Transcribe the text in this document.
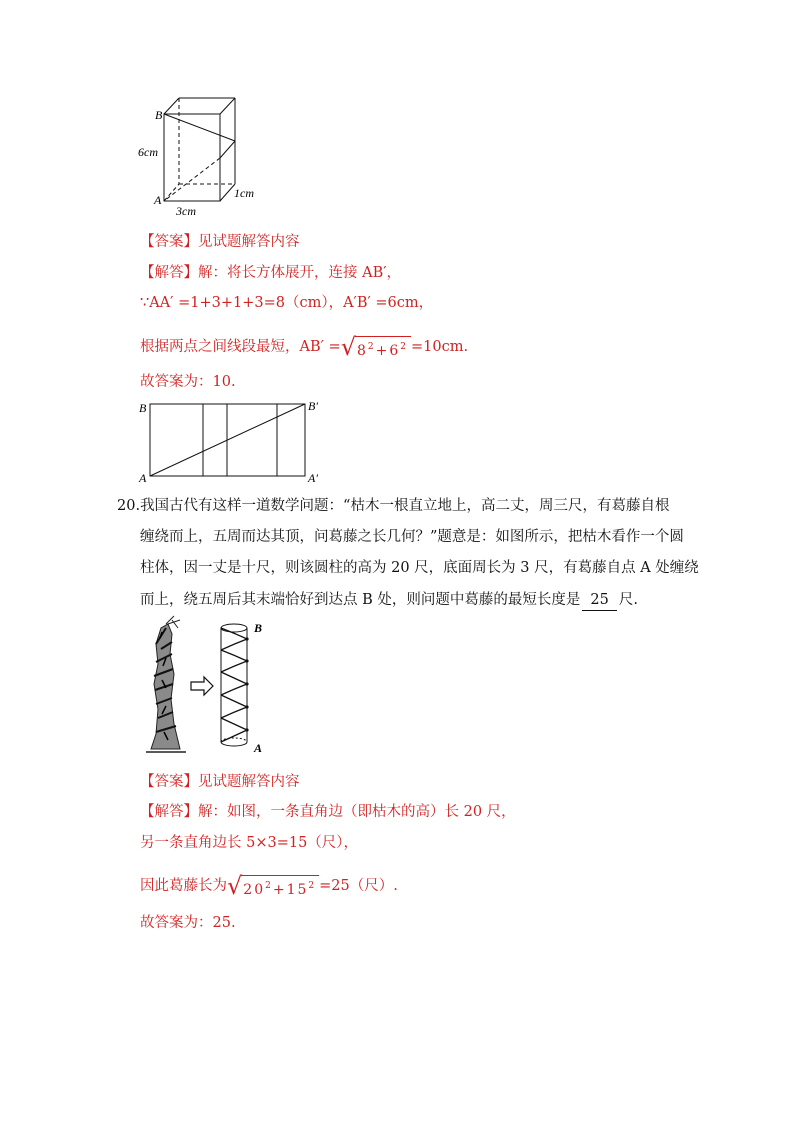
B
6cm
A
3cm
1cm
【答案】见试题解答内容
【解答】解：将长方体展开，连接 AB′，
∵AA′ =1+3+1+3=8（cm），A′B′ =6cm，
根据两点之间线段最短，AB′ = √ $8^2+6^2 =10cm$.
故答案为：10.
B	B′
A	A′
20.我国古代有这样一道数学问题：“枯木一根直立地上，高二丈，周三尺，有葛藤自根
缠绕而上，五周而达其顶，问葛藤之长几何？”题意是：如图所示，把枯木看作一个圆
柱体，因一丈是十尺，则该圆柱的高为 20 尺，底面周长为 3 尺，有葛藤自点 A 处缠绕
而上，绕五周后其末端恰好到达点 B 处，则问题中葛藤的最短长度是 25 尺.
B
A
【答案】见试题解答内容
【解答】解：如图，一条直角边（即枯木的高）长 20 尺，
另一条直角边长 5×3=15（尺），
因此葛藤长为 √ $20^2+15^2 =25$（尺）.
故答案为：25.
